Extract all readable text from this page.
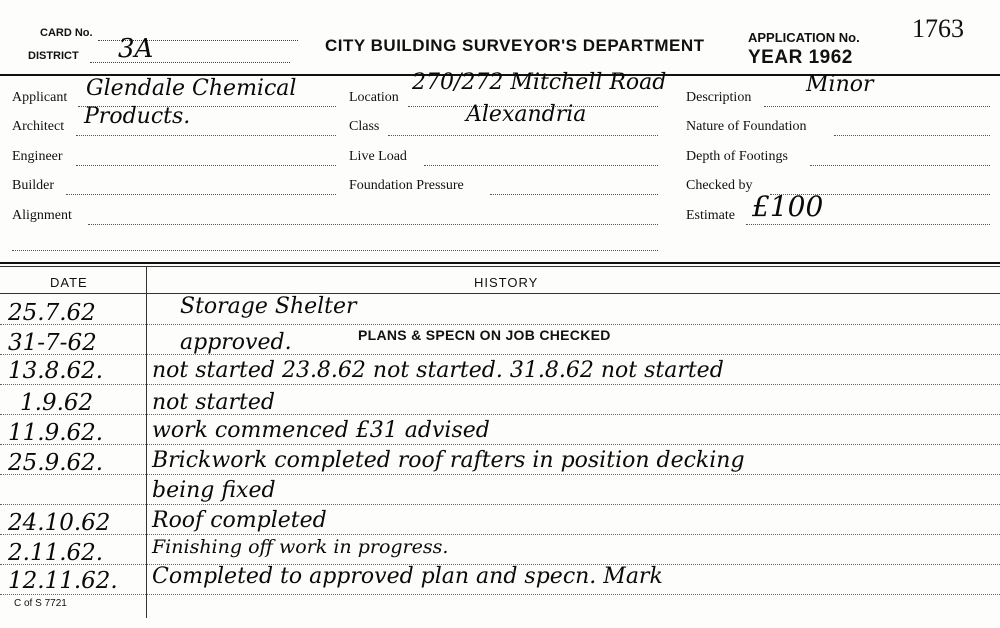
CARD No.
DISTRICT 3A	CITY BUILDING SURVEYOR'S DEPARTMENT	APPLICATION No. 1763
YEAR 1962
Applicant Glendale Chemical
Architect Products.
Engineer
Builder
Alignment
Location
270/272 Mitchell Road
Class	Alexandria
Live Load
Foundation Pressure
Description
Minor
Nature of Foundation
Depth of Footings
Checked by
Estimate £100
DATE	HISTORY
25.7.62	Storage Shelter
31-7-62	approved.	PLANS & SPECN ON JOB CHECKED
13.8.62. not started 23.8.62 not started. 31.8.62 not started
1.9.62	not started
11.9.62. work commenced £31 advised
25.9.62. Brickwork completed roof rafters in position decking
being fixed
24.10.62 Roof completed
2.11.62.	Finishing off work in progress.
12.11.62. Completed to approved plan and specn. Mark
C of S 7721
